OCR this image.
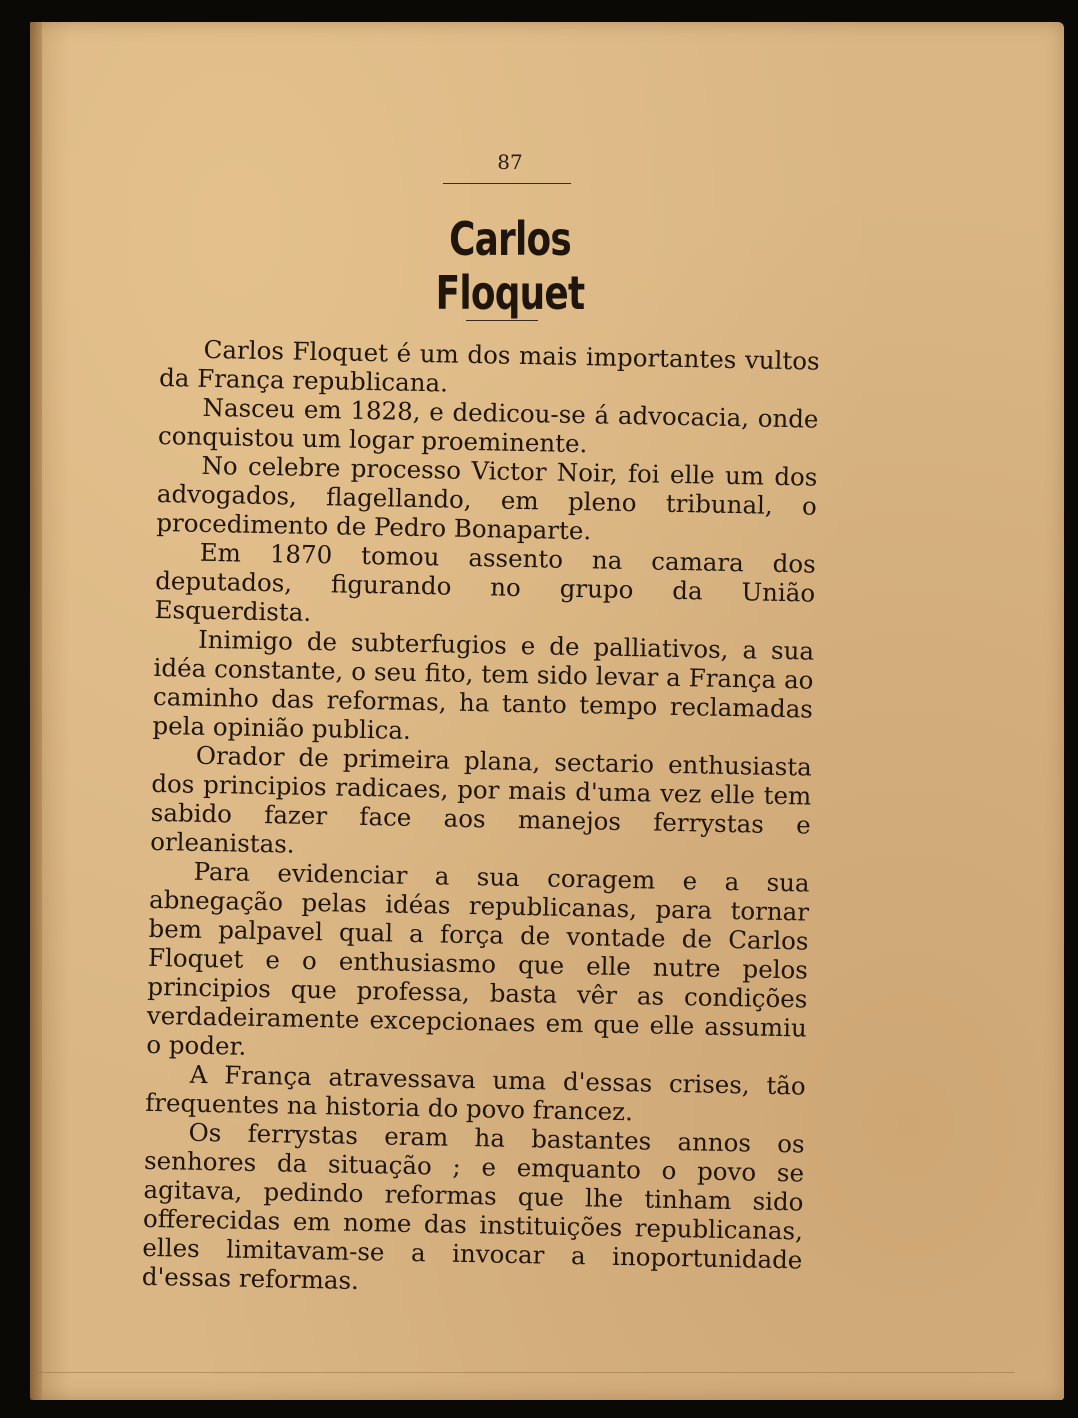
87
Carlos Floquet

Carlos Floquet é um dos mais importantes vultos da França republicana.

Nasceu em 1828, e dedicou-se á advocacia, onde conquistou um logar proeminente.

No celebre processo Victor Noir, foi elle um dos advogados, flagellando, em pleno tribunal, o procedimento de Pedro Bonaparte.

Em 1870 tomou assento na camara dos deputados, figurando no grupo da União Esquerdista.

Inimigo de subterfugios e de palliativos, a sua idéa constante, o seu fito, tem sido levar a França ao caminho das reformas, ha tanto tempo reclamadas pela opinião publica.

Orador de primeira plana, sectario enthusiasta dos principios radicaes, por mais d'uma vez elle tem sabido fazer face aos manejos ferrystas e orleanistas.

Para evidenciar a sua coragem e a sua abnegação pelas idéas republicanas, para tornar bem palpavel qual a força de vontade de Carlos Floquet e o enthusiasmo que elle nutre pelos principios que professa, basta vêr as condições verdadeiramente excepcionaes em que elle assumiu o poder.

A França atravessava uma d'essas crises, tão frequentes na historia do povo francez.

Os ferrystas eram ha bastantes annos os senhores da situação ; e emquanto o povo se agitava, pedindo reformas que lhe tinham sido offerecidas em nome das instituições republicanas, elles limitavam-se a invocar a inoportunidade d'essas reformas.
